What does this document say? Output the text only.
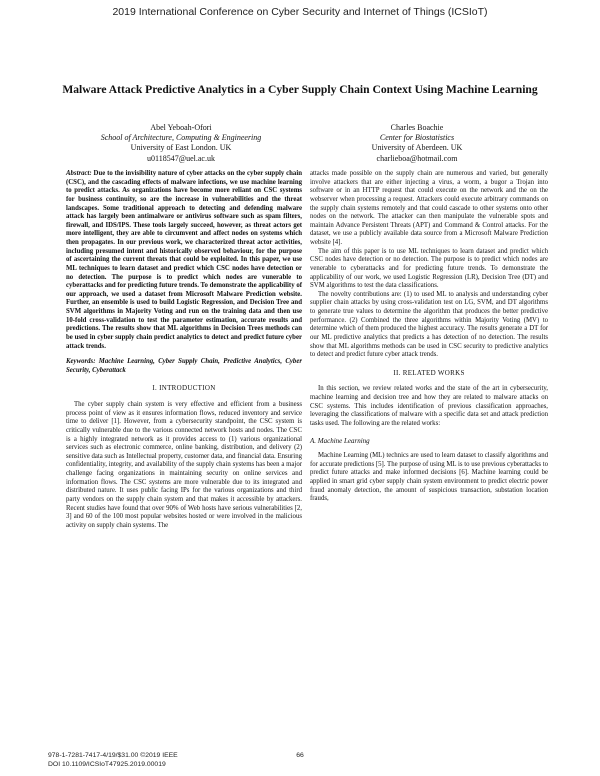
2019 International Conference on Cyber Security and Internet of Things (ICSIoT)
Malware Attack Predictive Analytics in a Cyber Supply Chain Context Using Machine Learning
Abel Yeboah-Ofori
School of Architecture, Computing & Engineering
University of East London. UK
u0118547@uel.ac.uk
Charles Boachie
Center for Biostatistics
University of Aberdeen. UK
charlieboa@hotmail.com

Abstract: Due to the invisibility nature of cyber attacks on the cyber supply chain (CSC), and the cascading effects of malware infections, we use machine learning to predict attacks. As organizations have become more reliant on CSC systems for business continuity, so are the increase in vulnerabilities and the threat landscapes. Some traditional approach to detecting and defending malware attack has largely been antimalware or antivirus software such as spam filters, firewall, and IDS/IPS. These tools largely succeed, however, as threat actors get more intelligent, they are able to circumvent and affect nodes on systems which then propagates. In our previous work, we characterized threat actor activities, including presumed intent and historically observed behaviour, for the purpose of ascertaining the current threats that could be exploited. In this paper, we use ML techniques to learn dataset and predict which CSC nodes have detection or no detection. The purpose is to predict which nodes are vunerable to cyberattacks and for predicting future trends. To demonstrate the applicability of our approach, we used a dataset from Microsoft Malware Prediction website. Further, an ensemble is used to build Logistic Regression, and Decision Tree and SVM algorithms in Majority Voting and run on the training data and then use 10-fold cross-validation to test the parameter estimation, accurate results and predictions. The results show that ML algorithms in Decision Trees methods can be used in cyber supply chain predict analytics to detect and predict future cyber attack trends.

Keywords: Machine Learning, Cyber Supply Chain, Predictive Analytics, Cyber Security, Cyberattack

I. INTRODUCTION

The cyber supply chain system is very effective and efficient from a business process point of view as it ensures information flows, reduced inventory and service time to deliver [1]. However, from a cybersecurity standpoint, the CSC system is critically vulnerable due to the various connected network hosts and nodes. The CSC is a highly integrated network as it provides access to (1) various organizational services such as electronic commerce, online banking, distribution, and delivery (2) sensitive data such as Intellectual property, customer data, and financial data. Ensuring confidentiality, integrity, and availability of the supply chain systems has been a major challenge facing organizations in maintaining security on online services and information flows. The CSC systems are more vulnerable due to its integrated and distributed nature. It uses public facing IPs for the various organizations and third party vendors on the supply chain system and that makes it accessible by attackers. Recent studies have found that over 90% of Web hosts have serious vulnerabilities [2, 3] and 60 of the 100 most popular websites hosted or were involved in the malicious activity on supply chain systems. The

attacks made possible on the supply chain are numerous and varied, but generally involve attackers that are either injecting a virus, a worm, a bugor a Trojan into software or in an HTTP request that could execute on the network and the on the webserver when processing a request. Attackers could execute arbitrary commands on the supply chain systems remotely and that could cascade to other systems onto other nodes on the network. The attacker can then manipulate the vulnerable spots and maintain Advance Persistent Threats (APT) and Command & Control attacks. For the dataset, we use a publicly available data source from a Microsoft Malware Prediction website [4].

The aim of this paper is to use ML techniques to learn dataset and predict which CSC nodes have detection or no detection. The purpose is to predict which nodes are venerable to cyberattacks and for predicting future trends. To demonstrate the applicability of our work, we used Logistic Regression (LR), Decision Tree (DT) and SVM algorithms to test the data classifications.

The novelty contributions are: (1) to used ML to analysis and understanding cyber supplier chain attacks by using cross-validation test on LG, SVM, and DT algorithms to generate true values to determine the algorithm that produces the better predictive performance. (2) Combined the three algorithms within Majority Voting (MV) to determine which of them produced the highest accuracy. The results generate a DT for our ML predictive analytics that predicts a has detection of no detection. The results show that ML algorithms methods can be used in CSC security to predictive analytics to detect and predict future cyber attack trends.

II. RELATED WORKS

In this section, we review related works and the state of the art in cybersecurity, machine learning and decision tree and how they are related to malware attacks on CSC systems. This includes identification of previous classification approaches, leveraging the classifications of malware with a specific data set and attack prediction tasks used. The following are the related works:

A. Machine Learning

Machine Learning (ML) technics are used to learn dataset to classify algorithms and for accurate predictions [5]. The purpose of using ML is to use previous cyberattacks to predict future attacks and make informed decisions [6]. Machine learning could be applied in smart grid cyber supply chain system environment to predict electric power fraud anomaly detection, the amount of suspicious transaction, substation location frauds,

978-1-7281-7417-4/19/$31.00 ©2019 IEEE
DOI 10.1109/ICSIoT47925.2019.00019
66
